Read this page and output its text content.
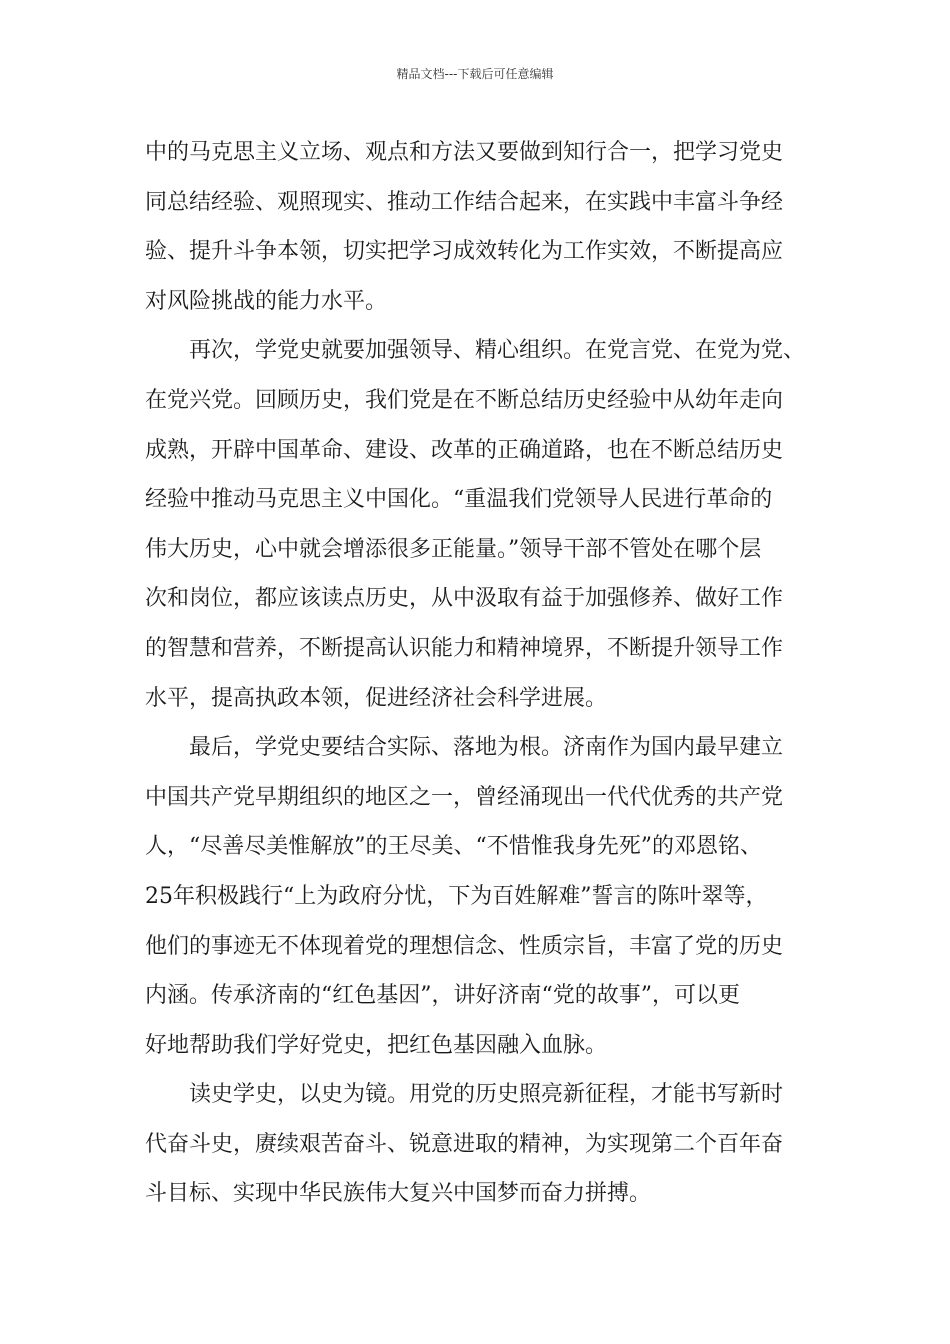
精品文档---下载后可任意编辑
中的马克思主义立场、观点和方法又要做到知行合一，把学习党史
同总结经验、观照现实、推动工作结合起来，在实践中丰富斗争经
验、提升斗争本领，切实把学习成效转化为工作实效，不断提高应
对风险挑战的能力水平。
再次，学党史就要加强领导、精心组织。在党言党、在党为党、
在党兴党。回顾历史，我们党是在不断总结历史经验中从幼年走向
成熟，开辟中国革命、建设、改革的正确道路，也在不断总结历史
经验中推动马克思主义中国化。“重温我们党领导人民进行革命的
伟大历史，心中就会增添很多正能量。”领导干部不管处在哪个层
次和岗位，都应该读点历史，从中汲取有益于加强修养、做好工作
的智慧和营养，不断提高认识能力和精神境界，不断提升领导工作
水平，提高执政本领，促进经济社会科学进展。
最后，学党史要结合实际、落地为根。济南作为国内最早建立
中国共产党早期组织的地区之一，曾经涌现出一代代优秀的共产党
人，“尽善尽美惟解放”的王尽美、“不惜惟我身先死”的邓恩铭、
25年积极践行“上为政府分忧，下为百姓解难”誓言的陈叶翠等，
他们的事迹无不体现着党的理想信念、性质宗旨，丰富了党的历史
内涵。传承济南的“红色基因”，讲好济南“党的故事”，可以更
好地帮助我们学好党史，把红色基因融入血脉。
读史学史，以史为镜。用党的历史照亮新征程，才能书写新时
代奋斗史，赓续艰苦奋斗、锐意进取的精神，为实现第二个百年奋
斗目标、实现中华民族伟大复兴中国梦而奋力拼搏。
